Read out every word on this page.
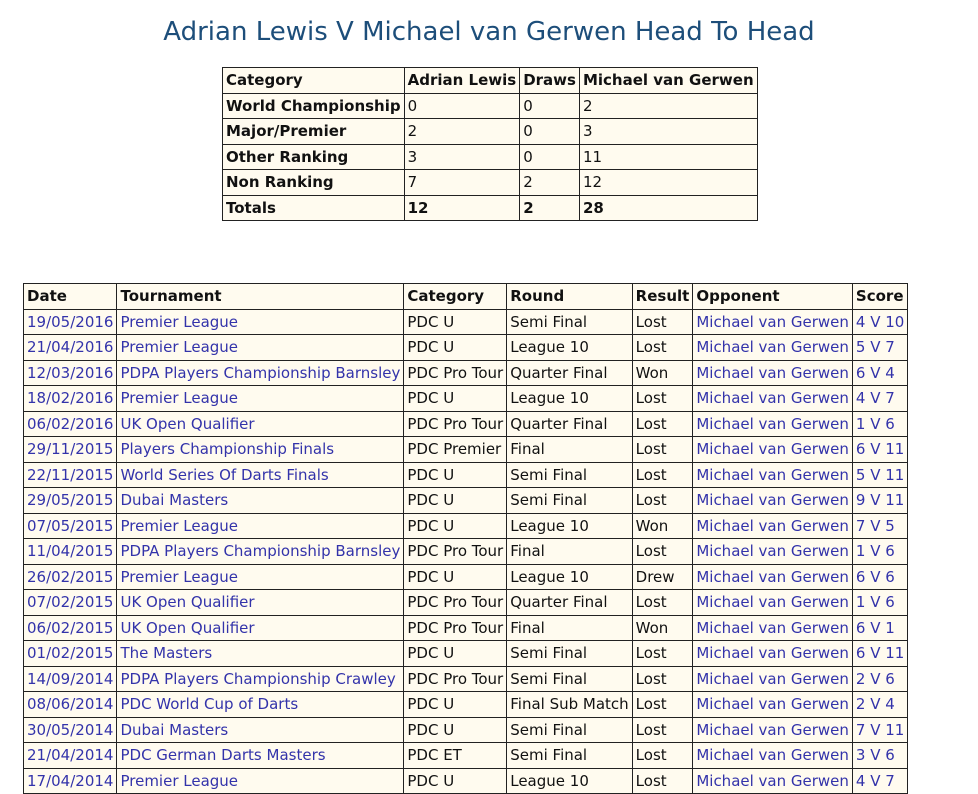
Adrian Lewis V Michael van Gerwen Head To Head
Category	Adrian Lewis	Draws	Michael van Gerwen
World Championship	0	0	2
Major/Premier	2	0	3
Other Ranking	3	0	11
Non Ranking	7	2	12
Totals	12	2	28
Date	Tournament	Category	Round	Result	Opponent	Score
19/05/2016	Premier League	PDC U	Semi Final	Lost	Michael van Gerwen	4 V 10
21/04/2016	Premier League	PDC U	League 10	Lost	Michael van Gerwen	5 V 7
12/03/2016	PDPA Players Championship Barnsley	PDC Pro Tour	Quarter Final	Won	Michael van Gerwen	6 V 4
18/02/2016	Premier League	PDC U	League 10	Lost	Michael van Gerwen	4 V 7
06/02/2016	UK Open Qualifier	PDC Pro Tour	Quarter Final	Lost	Michael van Gerwen	1 V 6
29/11/2015	Players Championship Finals	PDC Premier	Final	Lost	Michael van Gerwen	6 V 11
22/11/2015	World Series Of Darts Finals	PDC U	Semi Final	Lost	Michael van Gerwen	5 V 11
29/05/2015	Dubai Masters	PDC U	Semi Final	Lost	Michael van Gerwen	9 V 11
07/05/2015	Premier League	PDC U	League 10	Won	Michael van Gerwen	7 V 5
11/04/2015	PDPA Players Championship Barnsley	PDC Pro Tour	Final	Lost	Michael van Gerwen	1 V 6
26/02/2015	Premier League	PDC U	League 10	Drew	Michael van Gerwen	6 V 6
07/02/2015	UK Open Qualifier	PDC Pro Tour	Quarter Final	Lost	Michael van Gerwen	1 V 6
06/02/2015	UK Open Qualifier	PDC Pro Tour	Final	Won	Michael van Gerwen	6 V 1
01/02/2015	The Masters	PDC U	Semi Final	Lost	Michael van Gerwen	6 V 11
14/09/2014	PDPA Players Championship Crawley	PDC Pro Tour	Semi Final	Lost	Michael van Gerwen	2 V 6
08/06/2014	PDC World Cup of Darts	PDC U	Final Sub Match	Lost	Michael van Gerwen	2 V 4
30/05/2014	Dubai Masters	PDC U	Semi Final	Lost	Michael van Gerwen	7 V 11
21/04/2014	PDC German Darts Masters	PDC ET	Semi Final	Lost	Michael van Gerwen	3 V 6
17/04/2014	Premier League	PDC U	League 10	Lost	Michael van Gerwen	4 V 7
